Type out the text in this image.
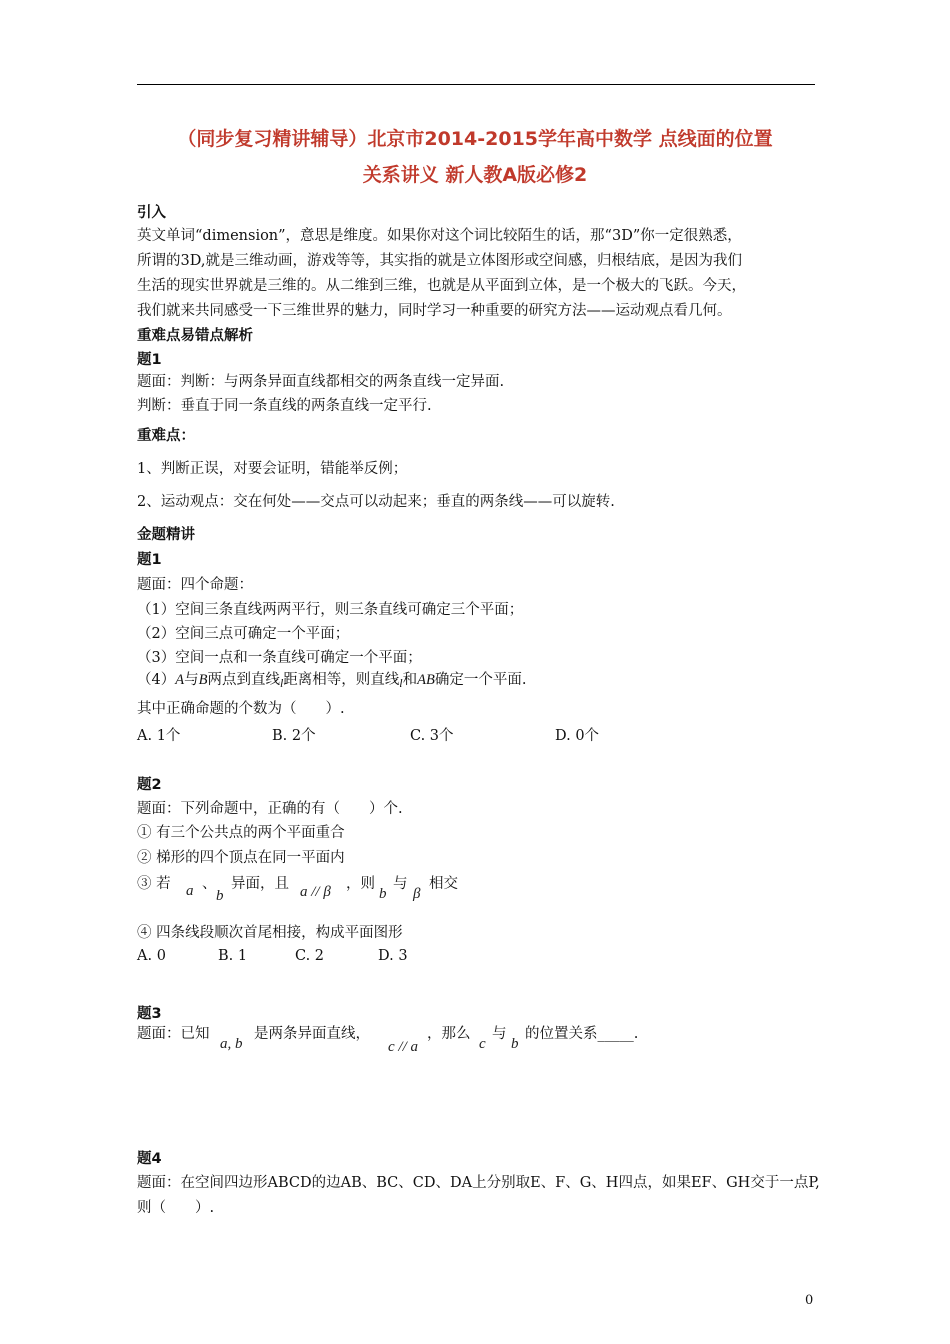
（同步复习精讲辅导）北京市2014-2015学年高中数学 点线面的位置
关系讲义 新人教A版必修2
引入
英文单词“dimension”，意思是维度。如果你对这个词比较陌生的话，那“3D”你一定很熟悉，
所谓的3D,就是三维动画，游戏等等，其实指的就是立体图形或空间感，归根结底，是因为我们
生活的现实世界就是三维的。从二维到三维，也就是从平面到立体，是一个极大的飞跃。今天，
我们就来共同感受一下三维世界的魅力，同时学习一种重要的研究方法——运动观点看几何。
重难点易错点解析
题1
题面：判断：与两条异面直线都相交的两条直线一定异面.
判断：垂直于同一条直线的两条直线一定平行.
重难点：
1、判断正误，对要会证明，错能举反例；
2、运动观点：交在何处——交点可以动起来；垂直的两条线——可以旋转.
金题精讲
题1
题面：四个命题：
（1）空间三条直线两两平行，则三条直线可确定三个平面；
（2）空间三点可确定一个平面；
（3）空间一点和一条直线可确定一个平面；
（4）A与B两点到直线$_l$距离相等，则直线$_l$和AB确定一个平面.
其中正确命题的个数为（　　）.
A. 1个	B. 2个	C. 3个	D. 0个
题2
题面：下列命题中，正确的有（　　）个.
① 有三个公共点的两个平面重合
② 梯形的四个顶点在同一平面内
③ 若 a 、
b
异面，且 a // β ，则
b
与
β
相交
④ 四条线段顺次首尾相接，构成平面图形
A. 0	B. 1	C. 2	D. 3
题3
题面：已知
a, b
是两条异面直线，
c // a
，那么
c
与
b
的位置关系_____.
题4
题面：在空间四边形ABCD的边AB、BC、CD、DA上分别取E、F、G、H四点，如果EF、GH交于一点P,
则（　　）.
0
